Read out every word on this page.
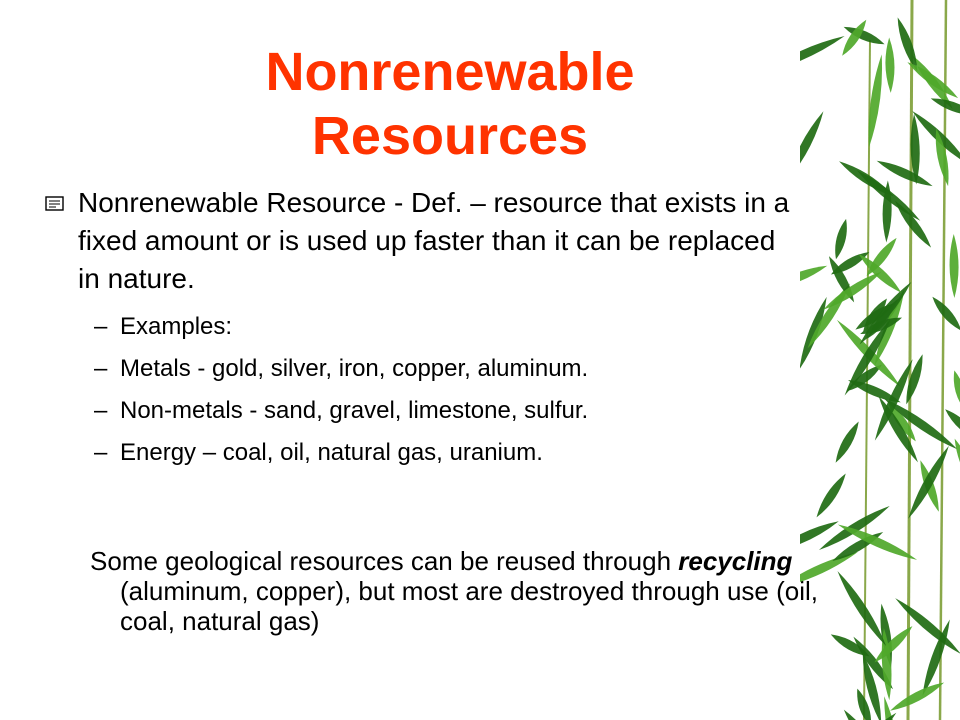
Nonrenewable
Resources

Nonrenewable Resource - Def. – resource that exists in a fixed amount or is used up faster than it can be replaced in nature.

– Examples:
– Metals - gold, silver, iron, copper, aluminum.
– Non-metals - sand, gravel, limestone, sulfur.
– Energy – coal, oil, natural gas, uranium.

Some geological resources can be reused through recycling (aluminum, copper), but most are destroyed through use (oil, coal, natural gas)
